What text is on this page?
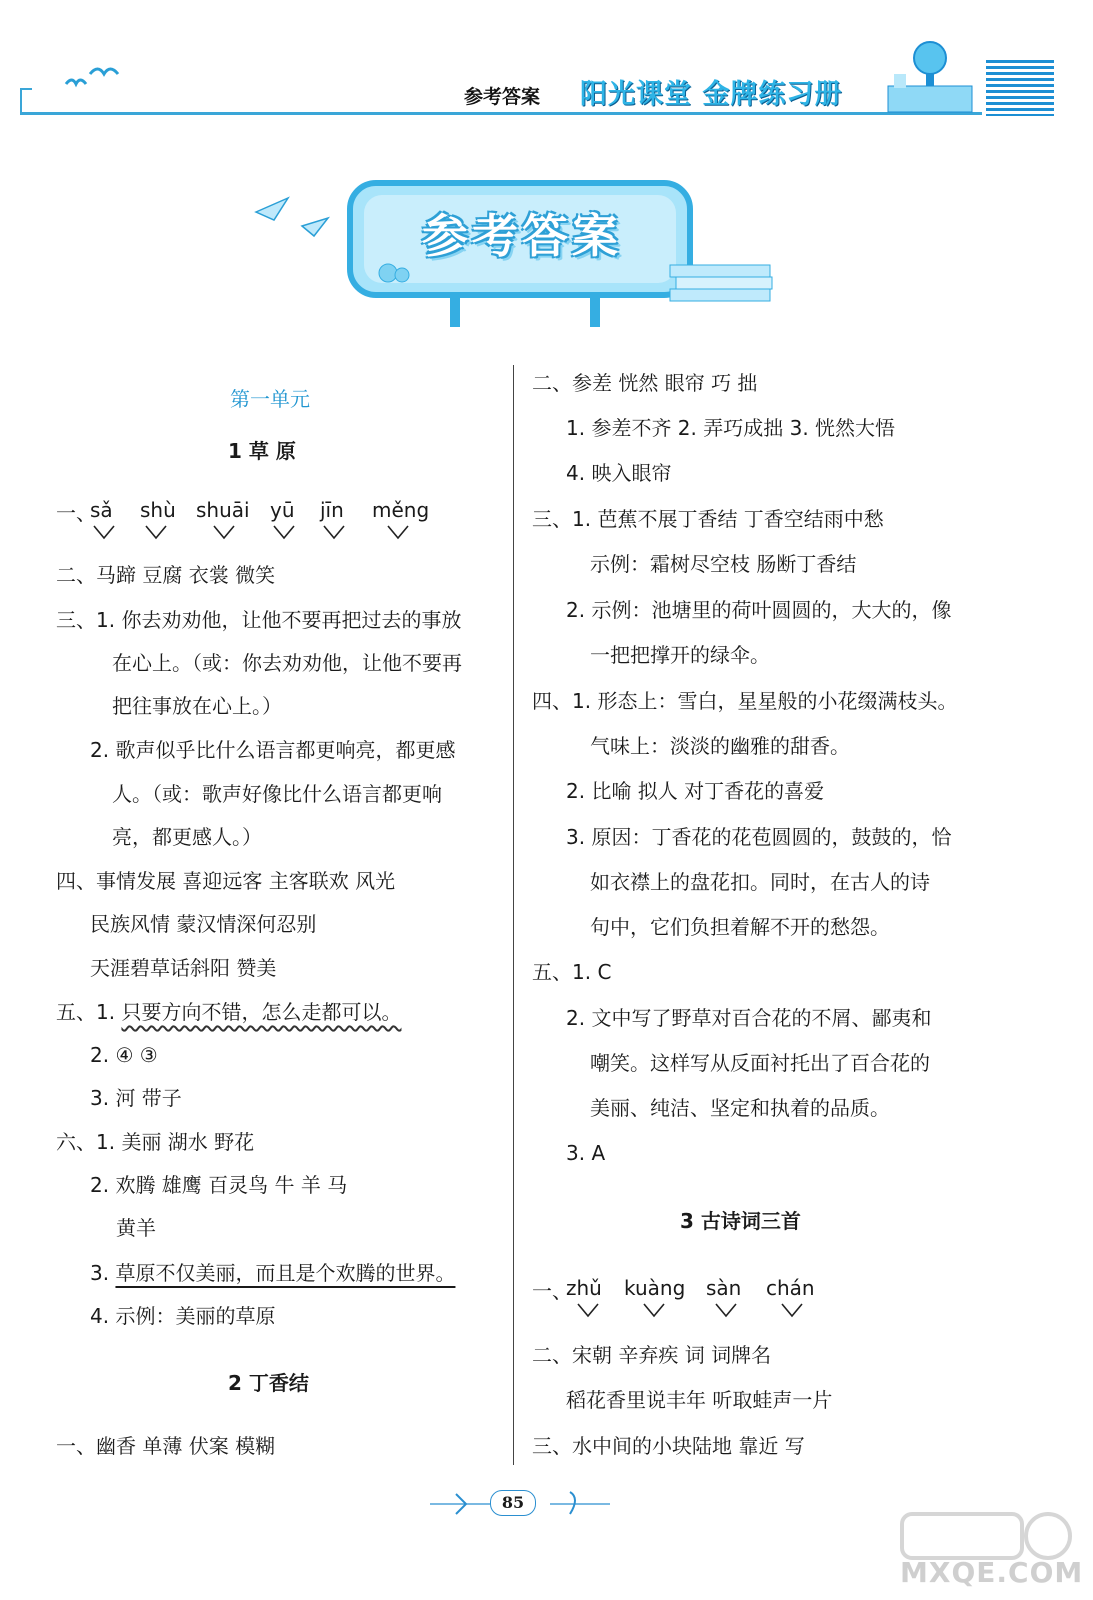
参考答案 阳光课堂 金牌练习册
参考答案
第一单元
1 草 原
一、
sǎ shù shuāi yū jīn měng
二、马蹄 豆腐 衣裳 微笑
三、1. 你去劝劝他，让他不要再把过去的事放
在心上。（或：你去劝劝他，让他不要再
把往事放在心上。）
2. 歌声似乎比什么语言都更响亮，都更感
人。（或：歌声好像比什么语言都更响
亮，都更感人。）
四、事情发展 喜迎远客 主客联欢 风光
民族风情 蒙汉情深何忍别
天涯碧草话斜阳 赞美
五、1. 只要方向不错，怎么走都可以。
2. ④ ③
3. 河 带子
六、1. 美丽 湖水 野花
2. 欢腾 雄鹰 百灵鸟 牛 羊 马
黄羊
3. 草原不仅美丽，而且是个欢腾的世界。
4. 示例：美丽的草原
2 丁香结
一、幽香 单薄 伏案 模糊
二、参差 恍然 眼帘 巧 拙
1. 参差不齐 2. 弄巧成拙 3. 恍然大悟
4. 映入眼帘
三、1. 芭蕉不展丁香结 丁香空结雨中愁
示例：霜树尽空枝 肠断丁香结
2. 示例：池塘里的荷叶圆圆的，大大的，像
一把把撑开的绿伞。
四、1. 形态上：雪白，星星般的小花缀满枝头。
气味上：淡淡的幽雅的甜香。
2. 比喻 拟人 对丁香花的喜爱
3. 原因：丁香花的花苞圆圆的，鼓鼓的，恰
如衣襟上的盘花扣。同时，在古人的诗
句中，它们负担着解不开的愁怨。
五、1. C
2. 文中写了野草对百合花的不屑、鄙夷和
嘲笑。这样写从反面衬托出了百合花的
美丽、纯洁、坚定和执着的品质。
3. A
3 古诗词三首
一、
zhǔ kuàng sàn chán
二、宋朝 辛弃疾 词 词牌名
稻花香里说丰年 听取蛙声一片
三、水中间的小块陆地 靠近 写
85
MXQE.COM
